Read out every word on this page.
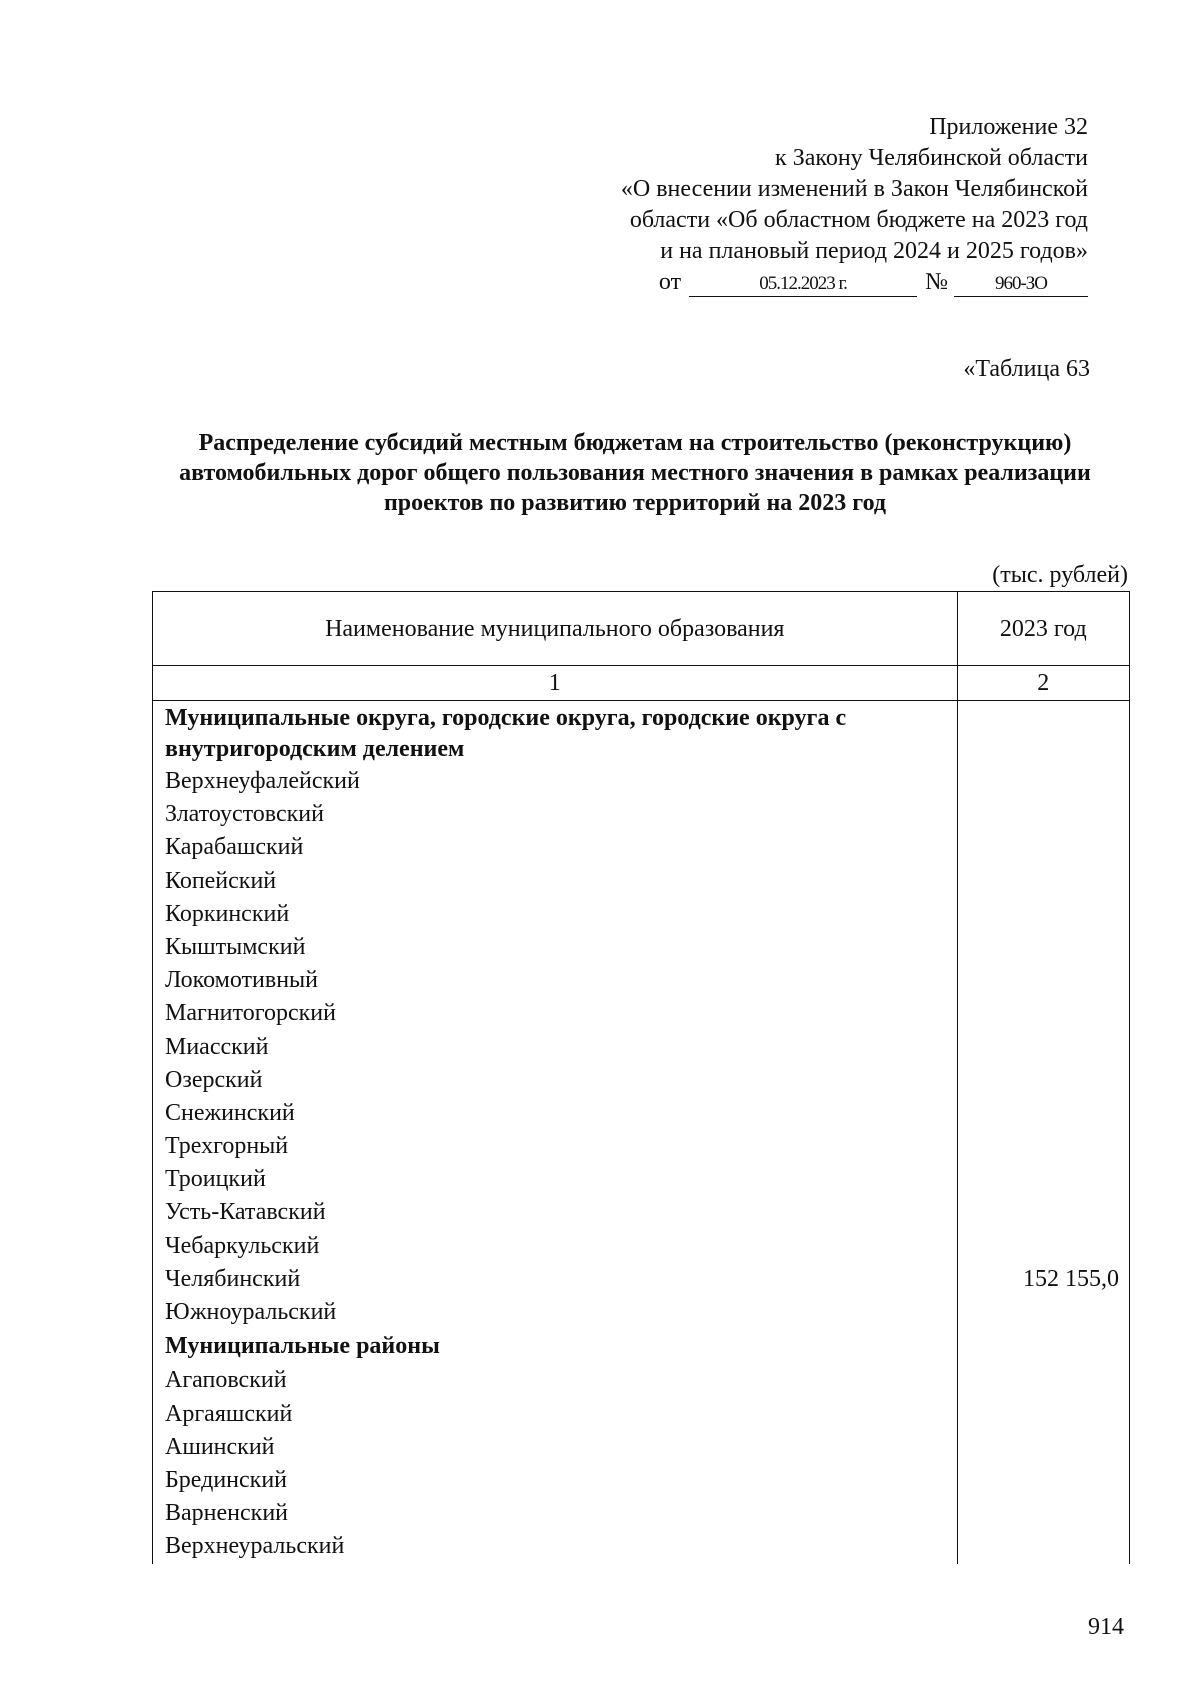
Приложение 32
к Закону Челябинской области
«О внесении изменений в Закон Челябинской
области «Об областном бюджете на 2023 год
и на плановый период 2024 и 2025 годов»
от	05.12.2023 г.	№ 960-ЗО
«Таблица 63
Распределение субсидий местным бюджетам на строительство (реконструкцию) автомобильных дорог общего пользования местного значения в рамках реализации проектов по развитию территорий на 2023 год
(тыс. рублей)
Наименование муниципального образования	2023 год
1	2
Муниципальные округа, городские округа, городские округа с внутригородским делением	
Верхнеуфалейский	
Златоустовский	
Карабашский	
Копейский	
Коркинский	
Кыштымский	
Локомотивный	
Магнитогорский	
Миасский	
Озерский	
Снежинский	
Трехгорный	
Троицкий	
Усть-Катавский	
Чебаркульский	
Челябинский	152 155,0
Южноуральский	
Муниципальные районы	
Агаповский	
Аргаяшский	
Ашинский	
Брединский	
Варненский	
Верхнеуральский	
914
